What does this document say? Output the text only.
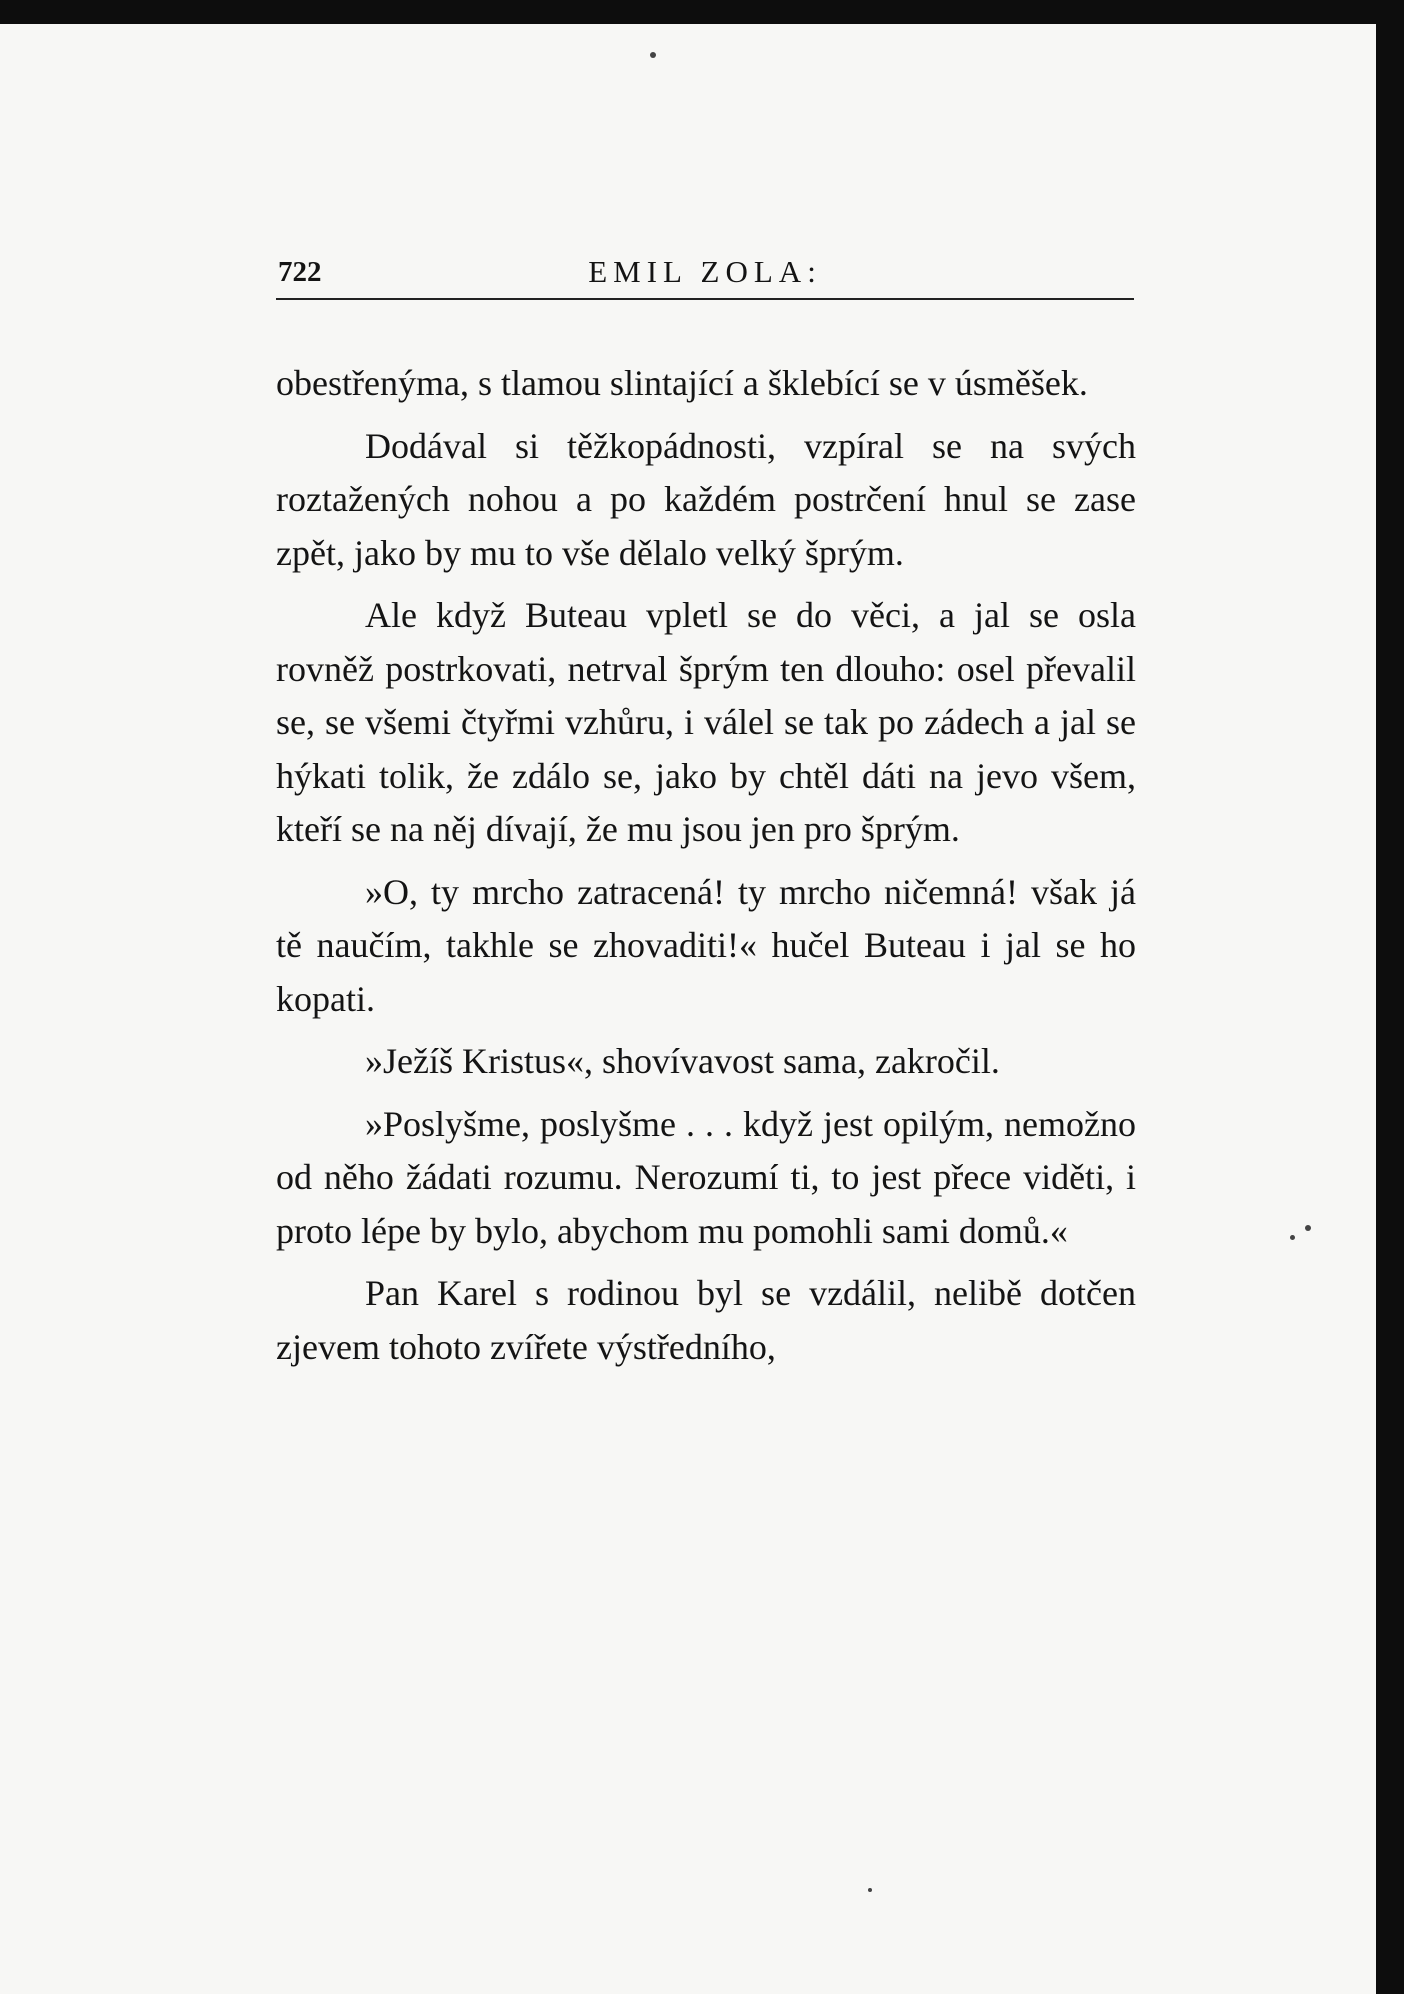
722	EMIL ZOLA:

obestřenýma, s tlamou slintající a šklebící se v úsměšek.

Dodával si těžkopádnosti, vzpíral se na svých roztažených nohou a po každém postrčení hnul se zase zpět, jako by mu to vše dělalo velký šprým.

Ale když Buteau vpletl se do věci, a jal se osla rovněž postrkovati, netrval šprým ten dlouho: osel převalil se, se všemi čtyřmi vzhůru, i válel se tak po zádech a jal se hýkati tolik, že zdálo se, jako by chtěl dáti na jevo všem, kteří se na něj dívají, že mu jsou jen pro šprým.

»O, ty mrcho zatracená! ty mrcho ničemná! však já tě naučím, takhle se zhovaditi!« hučel Buteau i jal se ho kopati.

»Ježíš Kristus«, shovívavost sama, zakročil.

»Poslyšme, poslyšme . . . když jest opilým, nemožno od něho žádati rozumu. Nerozumí ti, to jest přece viděti, i proto lépe by bylo, abychom mu pomohli sami domů.«

Pan Karel s rodinou byl se vzdálil, nelibě dotčen zjevem tohoto zvířete výstředního,
